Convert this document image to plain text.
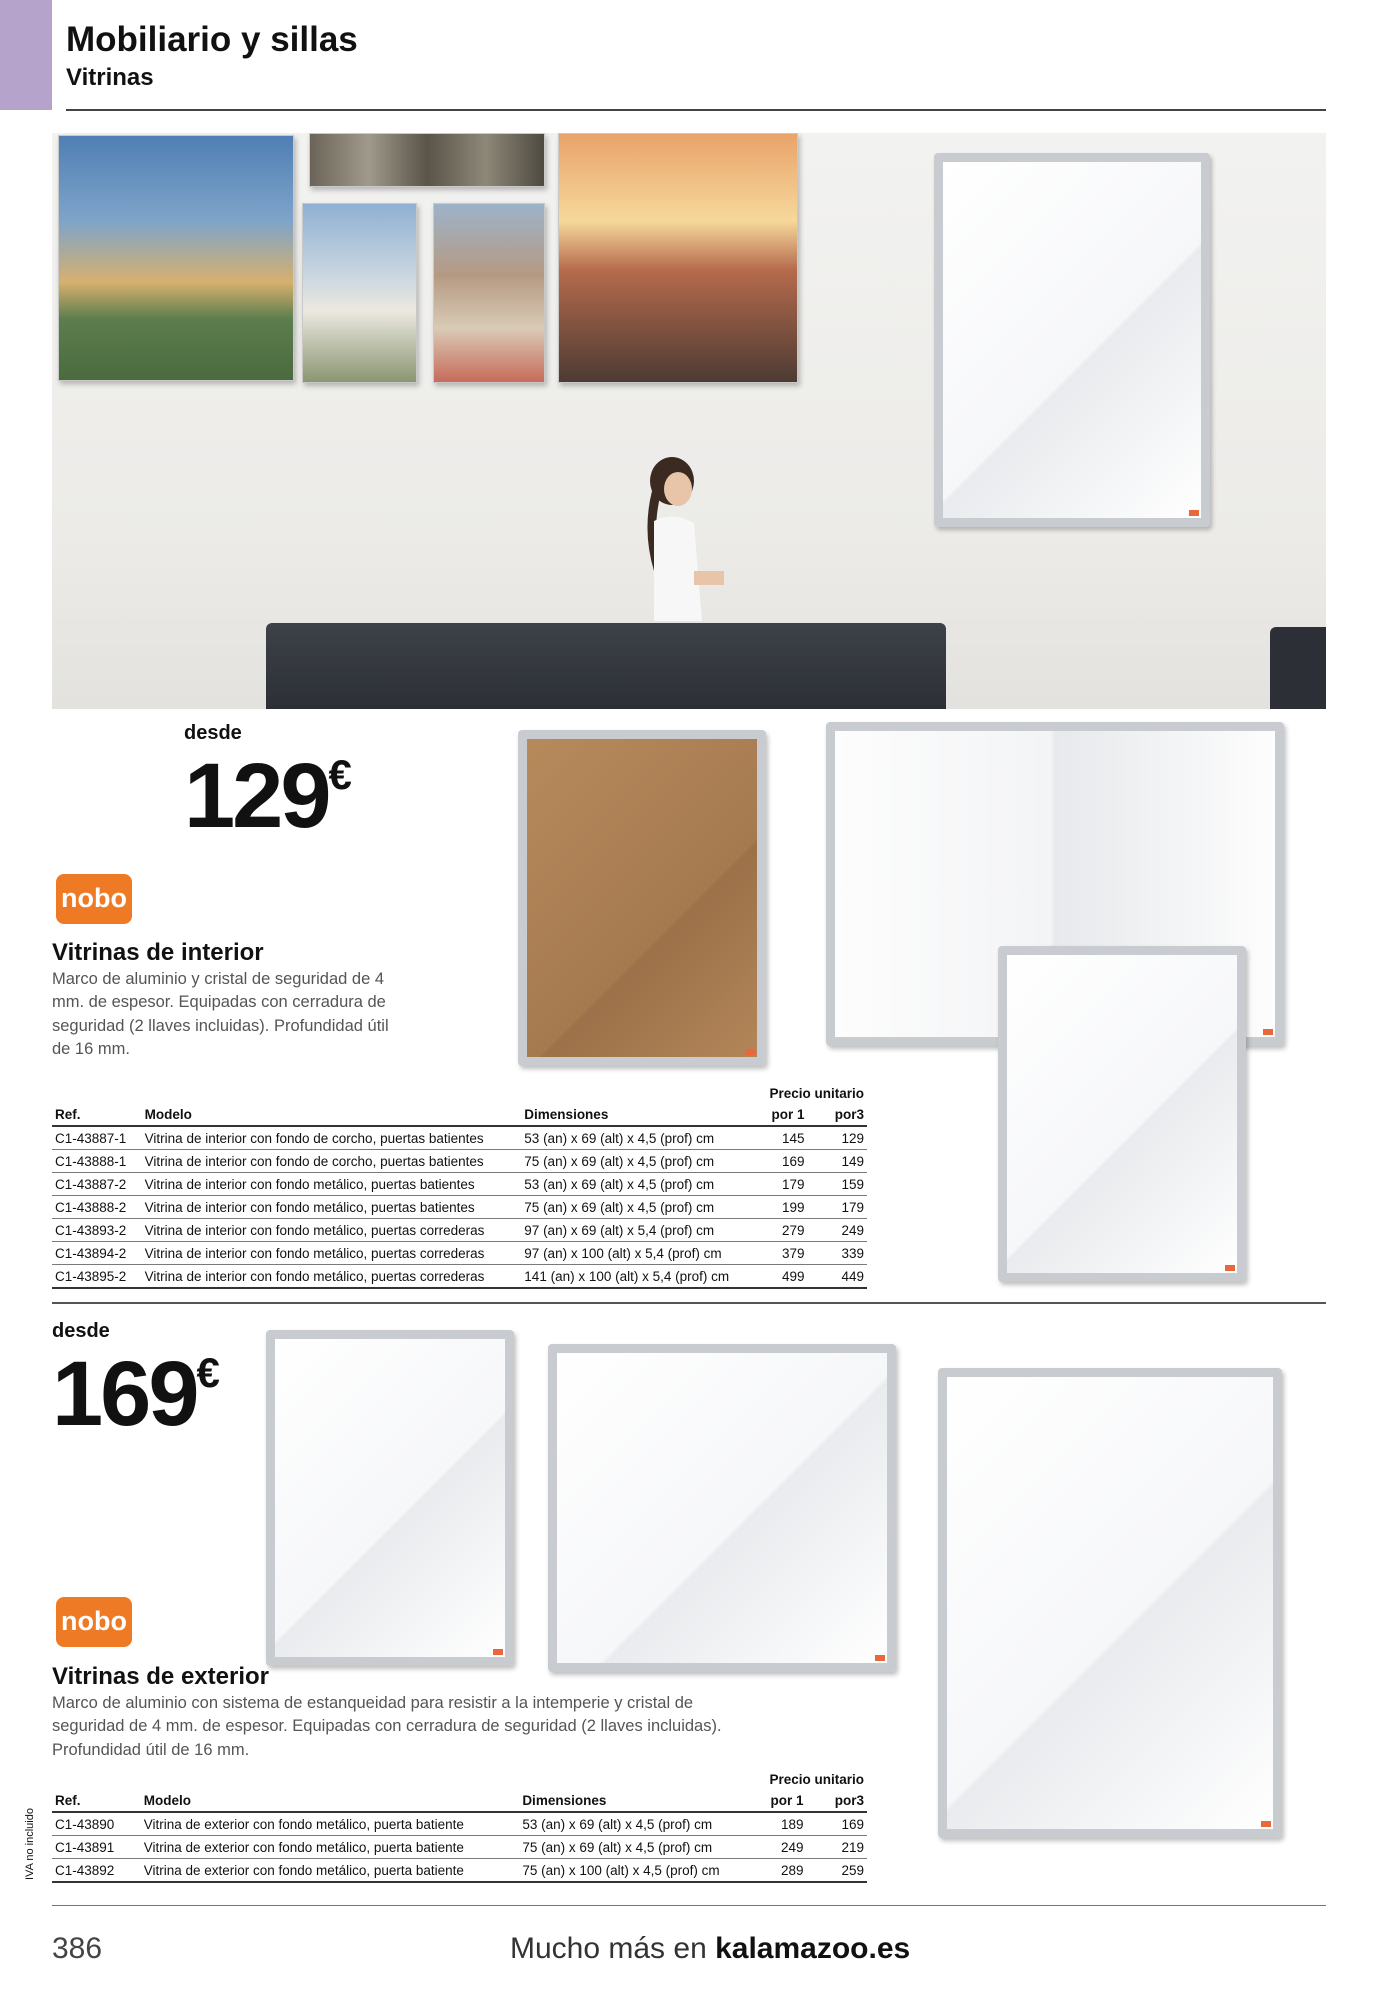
Mobiliario y sillas
Vitrinas
desde
129€
nobo
Vitrinas de interior
Marco de aluminio y cristal de seguridad de 4 mm. de espesor. Equipadas con cerradura de seguridad (2 llaves incluidas). Profundidad útil de 16 mm.
			Precio unitario	
Ref.	Modelo	Dimensiones	por 1	por3
C1-43887-1	Vitrina de interior con fondo de corcho, puertas batientes	53 (an) x 69 (alt) x 4,5 (prof) cm	145	129
C1-43888-1	Vitrina de interior con fondo de corcho, puertas batientes	75 (an) x 69 (alt) x 4,5 (prof) cm	169	149
C1-43887-2	Vitrina de interior con fondo metálico, puertas batientes	53 (an) x 69 (alt) x 4,5 (prof) cm	179	159
C1-43888-2	Vitrina de interior con fondo metálico, puertas batientes	75 (an) x 69 (alt) x 4,5 (prof) cm	199	179
C1-43893-2	Vitrina de interior con fondo metálico, puertas correderas	97 (an) x 69 (alt) x 5,4 (prof) cm	279	249
C1-43894-2	Vitrina de interior con fondo metálico, puertas correderas	97 (an) x 100 (alt) x 5,4 (prof) cm	379	339
C1-43895-2	Vitrina de interior con fondo metálico, puertas correderas	141 (an) x 100 (alt) x 5,4 (prof) cm	499	449
desde
169€
nobo
Vitrinas de exterior
Marco de aluminio con sistema de estanqueidad para resistir a la intemperie y cristal de seguridad de 4 mm. de espesor. Equipadas con cerradura de seguridad (2 llaves incluidas). Profundidad útil de 16 mm.
			Precio unitario	
Ref.	Modelo	Dimensiones	por 1	por3
C1-43890	Vitrina de exterior con fondo metálico, puerta batiente	53 (an) x 69 (alt) x 4,5 (prof) cm	189	169
C1-43891	Vitrina de exterior con fondo metálico, puerta batiente	75 (an) x 69 (alt) x 4,5 (prof) cm	249	219
C1-43892	Vitrina de exterior con fondo metálico, puerta batiente	75 (an) x 100 (alt) x 4,5 (prof) cm	289	259
IVA no incluido
386	Mucho más en kalamazoo.es
